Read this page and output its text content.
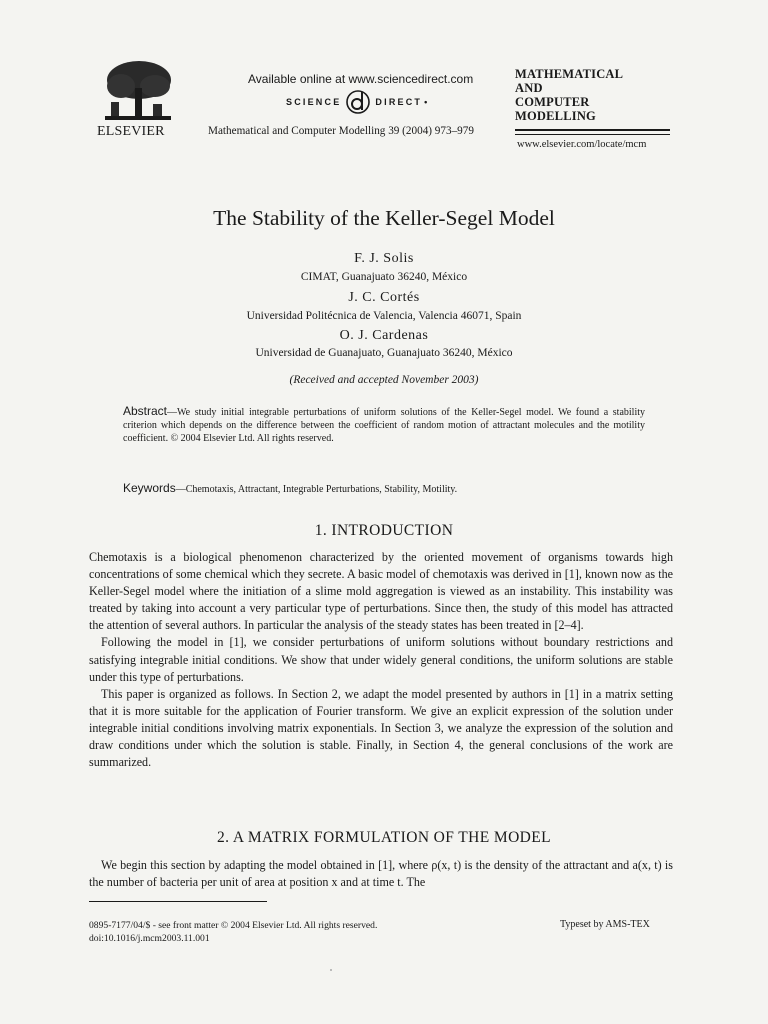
ELSEVIER
Available online at www.sciencedirect.com
SCIENCE	DIRECT •
Mathematical and Computer Modelling 39 (2004) 973–979
MATHEMATICAL
AND
COMPUTER
MODELLING
www.elsevier.com/locate/mcm
The Stability of the Keller-Segel Model
F. J. Solis
CIMAT, Guanajuato 36240, México
J. C. Cortés
Universidad Politécnica de Valencia, Valencia 46071, Spain
O. J. Cardenas
Universidad de Guanajuato, Guanajuato 36240, México
(Received and accepted November 2003)
Abstract—We study initial integrable perturbations of uniform solutions of the Keller-Segel model. We found a stability criterion which depends on the difference between the coefficient of random motion of attractant molecules and the motility coefficient. © 2004 Elsevier Ltd. All rights reserved.
Keywords—Chemotaxis, Attractant, Integrable Perturbations, Stability, Motility.
1. INTRODUCTION

Chemotaxis is a biological phenomenon characterized by the oriented movement of organisms towards high concentrations of some chemical which they secrete. A basic model of chemotaxis was derived in [1], known now as the Keller-Segel model where the initiation of a slime mold aggregation is viewed as an instability. This instability was treated by taking into account a very particular type of perturbations. Since then, the study of this model has attracted the attention of several authors. In particular the analysis of the steady states has been treated in [2–4].

Following the model in [1], we consider perturbations of uniform solutions without boundary restrictions and satisfying integrable initial conditions. We show that under widely general conditions, the uniform solutions are stable under this type of perturbations.

This paper is organized as follows. In Section 2, we adapt the model presented by authors in [1] in a matrix setting that it is more suitable for the application of Fourier transform. We give an explicit expression of the solution under integrable initial conditions involving matrix exponentials. In Section 3, we analyze the expression of the solution and draw conditions under which the solution is stable. Finally, in Section 4, the general conclusions of the work are summarized.

2. A MATRIX FORMULATION OF THE MODEL

We begin this section by adapting the model obtained in [1], where ρ(x, t) is the density of the attractant and a(x, t) is the number of bacteria per unit of area at position x and at time t. The

0895-7177/04/$ - see front matter © 2004 Elsevier Ltd. All rights reserved.
doi:10.1016/j.mcm2003.11.001
Typeset by AMS-TEX
